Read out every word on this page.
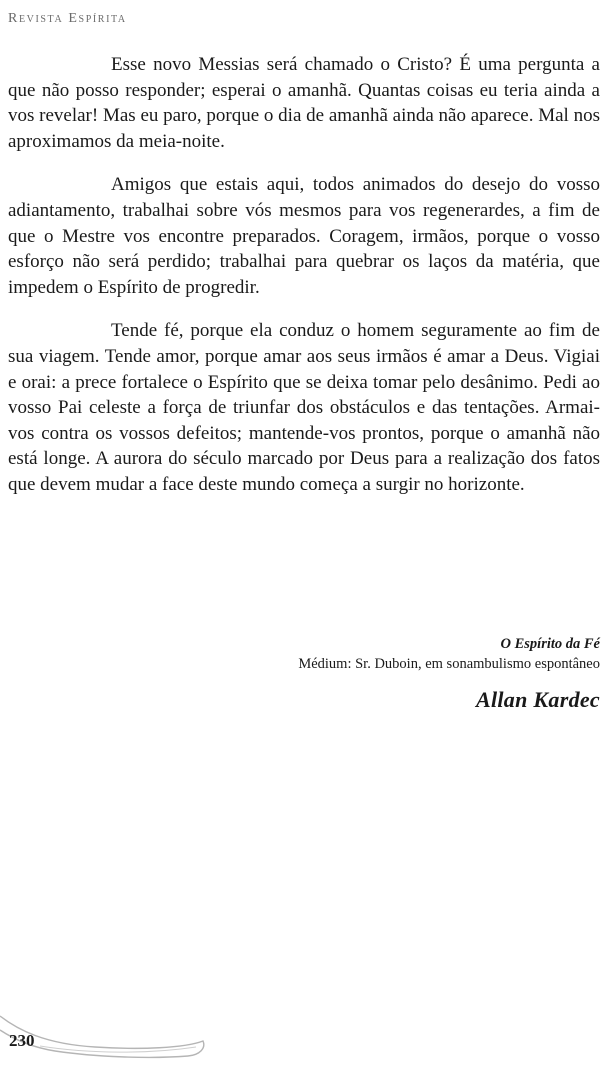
Revista Espírita

Esse novo Messias será chamado o Cristo? É uma pergunta a que não posso responder; esperai o amanhã. Quantas coisas eu teria ainda a vos revelar! Mas eu paro, porque o dia de amanhã ainda não aparece. Mal nos aproximamos da meia-noite.

Amigos que estais aqui, todos animados do desejo do vosso adiantamento, trabalhai sobre vós mesmos para vos regenerardes, a fim de que o Mestre vos encontre preparados. Coragem, irmãos, porque o vosso esforço não será perdido; trabalhai para quebrar os laços da matéria, que impedem o Espírito de progredir.

Tende fé, porque ela conduz o homem seguramente ao fim de sua viagem. Tende amor, porque amar aos seus irmãos é amar a Deus. Vigiai e orai: a prece fortalece o Espírito que se deixa tomar pelo desânimo. Pedi ao vosso Pai celeste a força de triunfar dos obstáculos e das tentações. Armai-vos contra os vossos defeitos; mantende-vos prontos, porque o amanhã não está longe. A aurora do século marcado por Deus para a realização dos fatos que devem mudar a face deste mundo começa a surgir no horizonte.

O Espírito da Fé
Médium: Sr. Duboin, em sonambulismo espontâneo
Allan Kardec
230
